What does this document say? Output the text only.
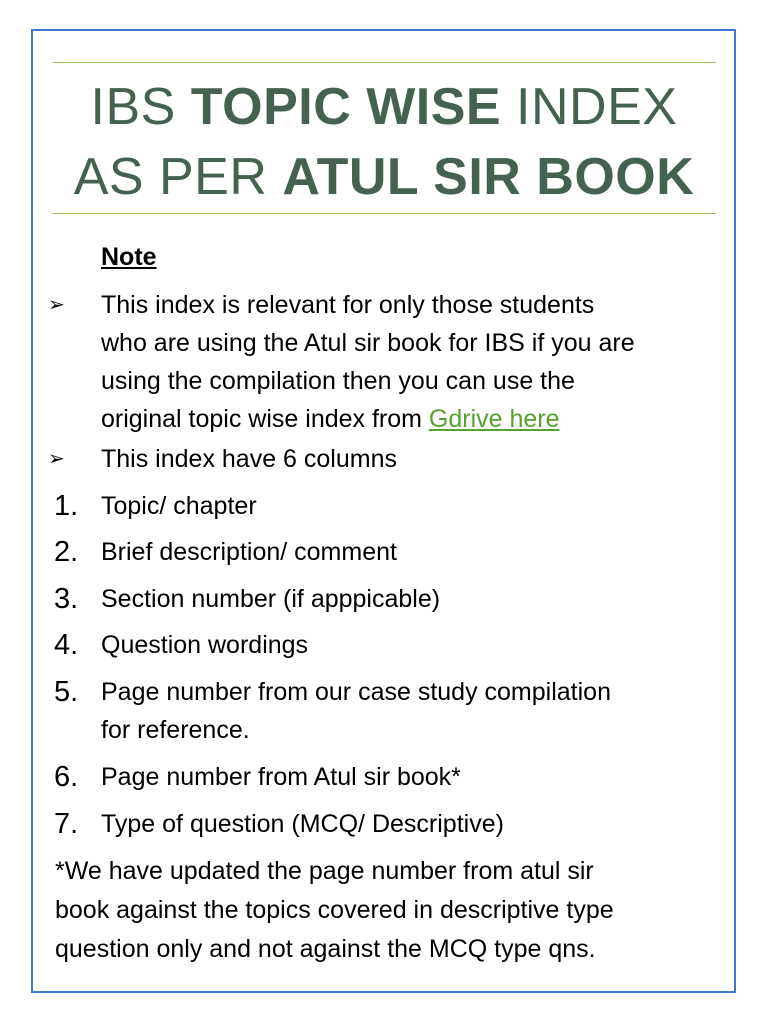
IBS TOPIC WISE INDEX
AS PER ATUL SIR BOOK
Note
➢ This index is relevant for only those students
who are using the Atul sir book for IBS if you are
using the compilation then you can use the
original topic wise index from Gdrive here
➢ This index have 6 columns
1. Topic/ chapter
2. Brief description/ comment
3. Section number (if apppicable)
4. Question wordings
5. Page number from our case study compilation
for reference.
6. Page number from Atul sir book*
7. Type of question (MCQ/ Descriptive)
*We have updated the page number from atul sir
book against the topics covered in descriptive type
question only and not against the MCQ type qns.
